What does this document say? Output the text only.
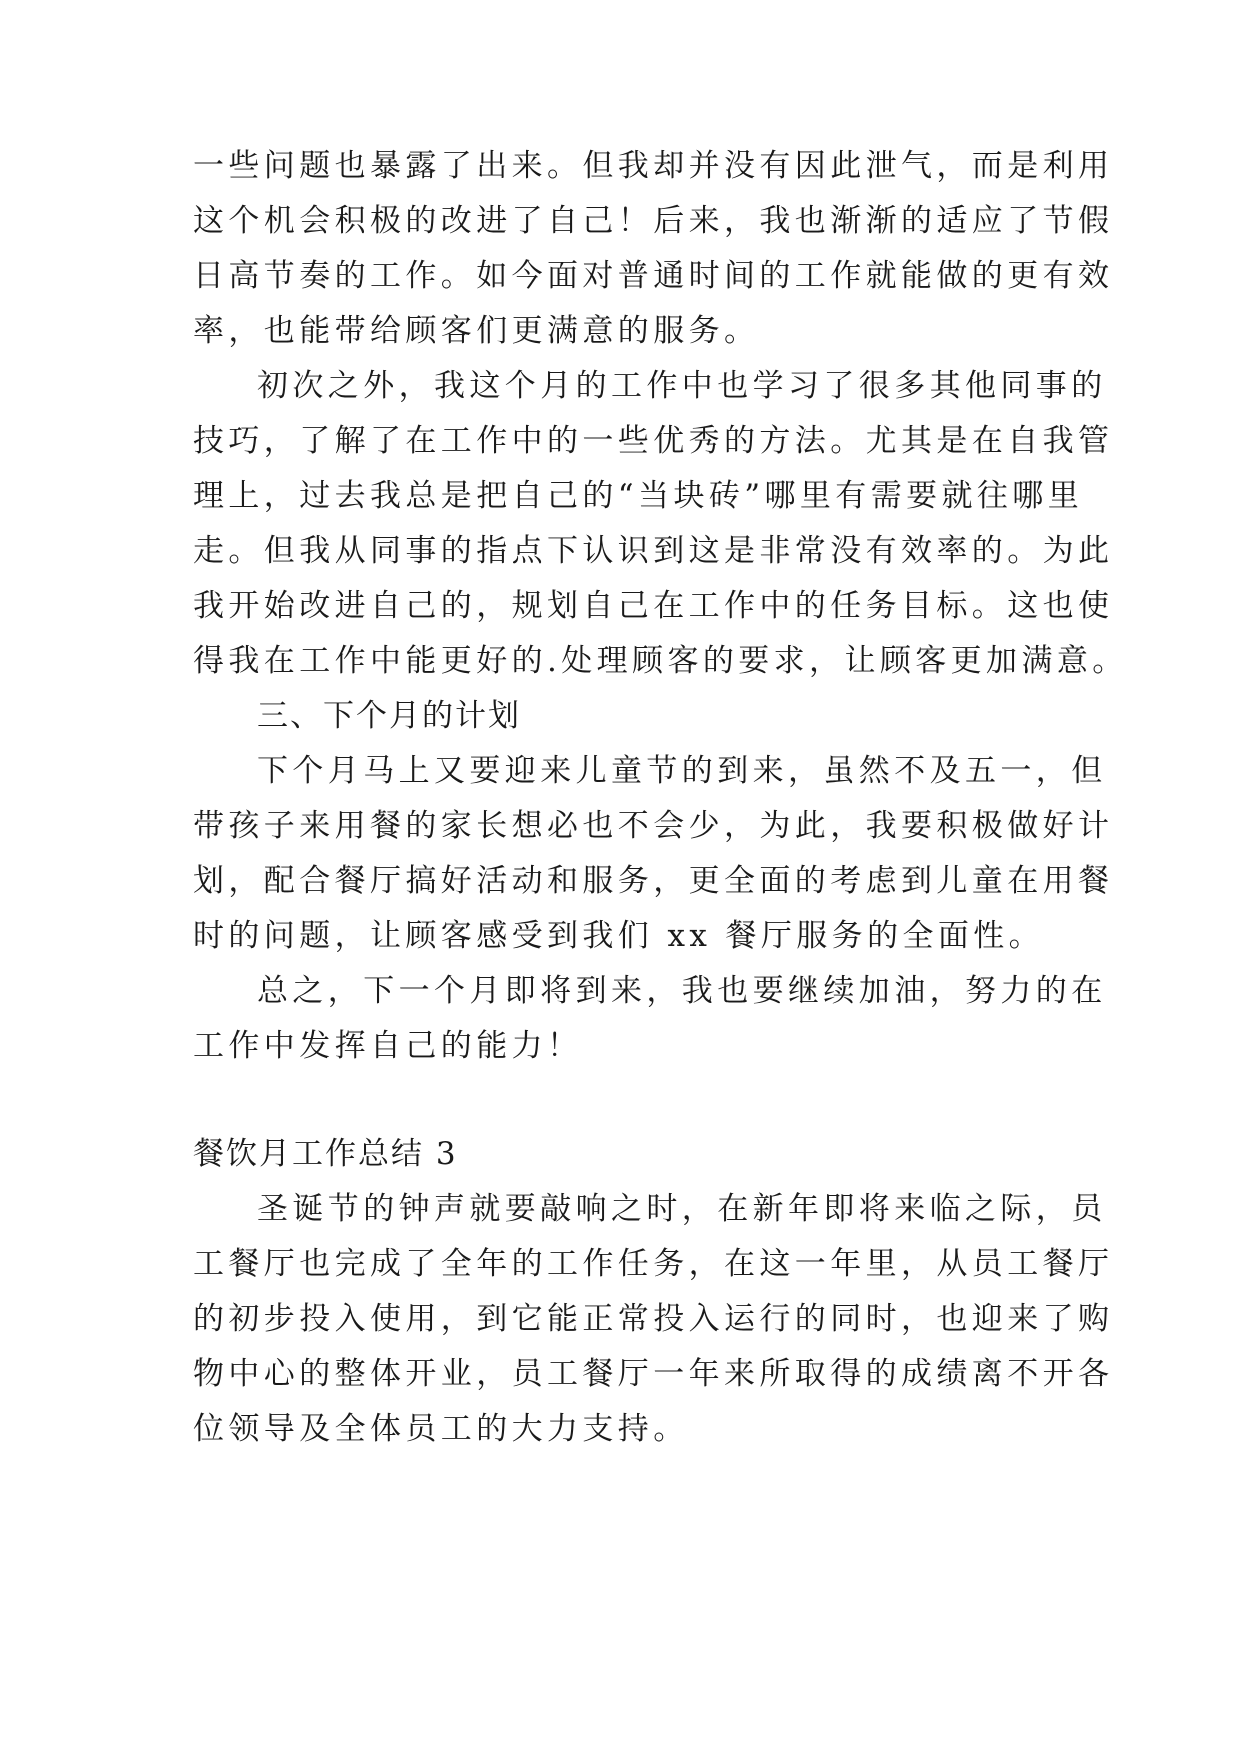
一些问题也暴露了出来。但我却并没有因此泄气，而是利用
这个机会积极的改进了自己！后来，我也渐渐的适应了节假
日高节奏的工作。如今面对普通时间的工作就能做的更有效
率，也能带给顾客们更满意的服务。
初次之外，我这个月的工作中也学习了很多其他同事的
技巧，了解了在工作中的一些优秀的方法。尤其是在自我管
理上，过去我总是把自己的“当块砖”哪里有需要就往哪里
走。但我从同事的指点下认识到这是非常没有效率的。为此
我开始改进自己的，规划自己在工作中的任务目标。这也使
得我在工作中能更好的.处理顾客的要求，让顾客更加满意。
三、下个月的计划
下个月马上又要迎来儿童节的到来，虽然不及五一，但
带孩子来用餐的家长想必也不会少，为此，我要积极做好计
划，配合餐厅搞好活动和服务，更全面的考虑到儿童在用餐
时的问题，让顾客感受到我们 xx 餐厅服务的全面性。
总之，下一个月即将到来，我也要继续加油，努力的在
工作中发挥自己的能力！
餐饮月工作总结 3
圣诞节的钟声就要敲响之时，在新年即将来临之际，员
工餐厅也完成了全年的工作任务，在这一年里，从员工餐厅
的初步投入使用，到它能正常投入运行的同时，也迎来了购
物中心的整体开业，员工餐厅一年来所取得的成绩离不开各
位领导及全体员工的大力支持。
